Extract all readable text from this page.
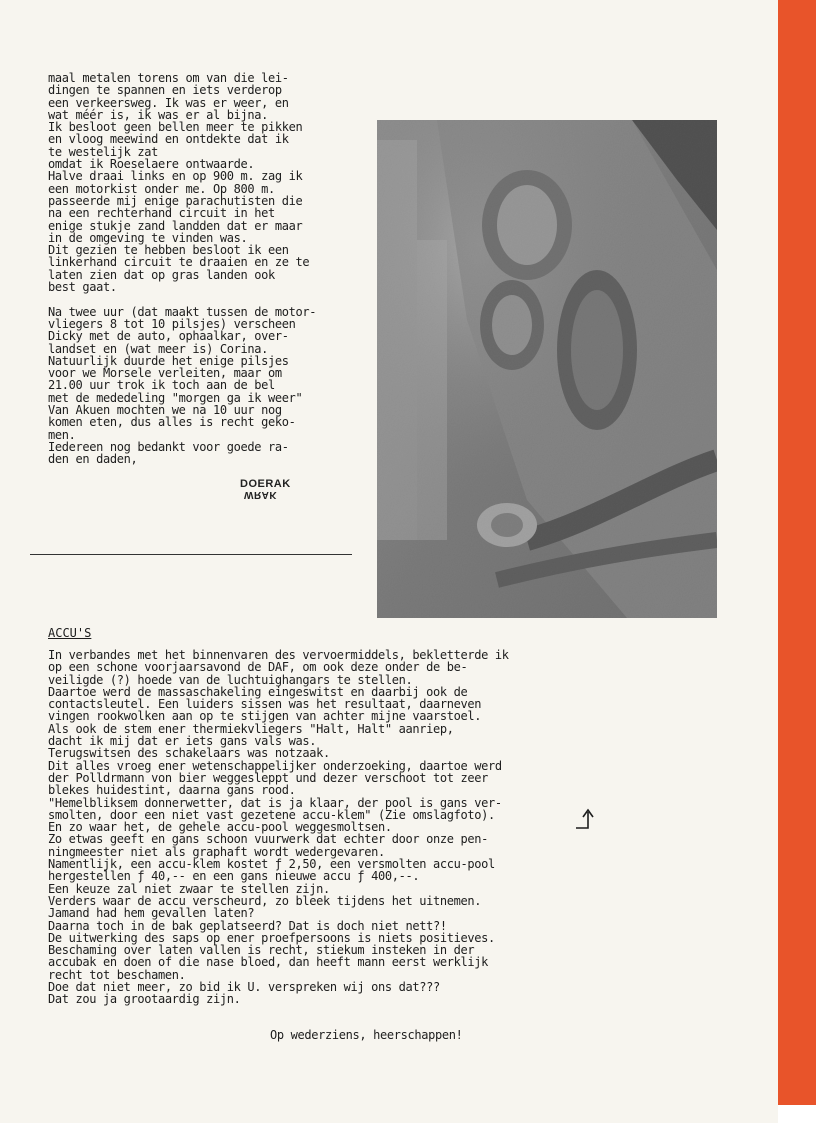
maal metalen torens om van die lei-
dingen te spannen en iets verderop
een verkeersweg. Ik was er weer, en
wat méér is, ik was er al bijna.
Ik besloot geen bellen meer te pikken
en vloog meewind en ontdekte dat ik
te westelijk zat
omdat ik Roeselaere ontwaarde.
Halve draai links en op 900 m. zag ik
een motorkist onder me. Op 800 m.
passeerde mij enige parachutisten die
na een rechterhand circuit in het
enige stukje zand landden dat er maar
in de omgeving te vinden was.
Dit gezien te hebben besloot ik een
linkerhand circuit te draaien en ze te
laten zien dat op gras landen ook
best gaat.

Na twee uur (dat maakt tussen de motor-
vliegers 8 tot 10 pilsjes) verscheen
Dicky met de auto, ophaalkar, over-
landset en (wat meer is) Corina.
Natuurlijk duurde het enige pilsjes
voor we Morsele verleiten, maar om
21.00 uur trok ik toch aan de bel
met de mededeling "morgen ga ik weer"
Van Akuen mochten we na 10 uur nog
komen eten, dus alles is recht gekо-
men.
Iedereen nog bedankt voor goede ra-
den en daden,
DOERAK
WRAK
ACCU'S
In verbandes met het binnenvaren des vervoermiddels, bekletterde ik
op een schone voorjaarsavond de DAF, om ook deze onder de be-
veiligde (?) hoede van de luchtuighangars te stellen.
Daartoe werd de massaschakeling eingeswitst en daarbij ook de
contactsleutel. Een luiders sissen was het resultaat, daarneven
vingen rookwolken aan op te stijgen van achter mijne vaarstoel.
Als ook de stem ener thermiekvliegers "Halt, Halt" aanriep,
dacht ik mij dat er iets gans vals was.
Terugswitsen des schakelaars was notzaak.
Dit alles vroeg ener wetenschappelijker onderzoeking, daartoe werd
der Polldrmann von bier weggesleppt und dezer verschoot tot zeer
blekes huidestint, daarna gans rood.
"Hemelbliksem donnerwetter, dat is ja klaar, der pool is gans ver-
smolten, door een niet vast gezetene accu-klem" (Zie omslagfoto).
En zo waar het, de gehele accu-pool weggesmoltsen.
Zo etwas geeft en gans schoon vuurwerk dat echter door onze pen-
ningmeester niet als graphaft wordt wedergevaren.
Namentlijk, een accu-klem kostet ƒ 2,50, een versmolten accu-pool
hergestellen ƒ 40,-- en een gans nieuwe accu ƒ 400,--.
Een keuze zal niet zwaar te stellen zijn.
Verders waar de accu verscheurd, zo bleek tijdens het uitnemen.
Jamand had hem gevallen laten?
Daarna toch in de bak geplatseerd? Dat is doch niet nett?!
De uitwerking des saps op ener proefpersoons is niets positieves.
Beschaming over laten vallen is recht, stiekum insteken in der
accubak en doen of die nase bloed, dan heeft mann eerst werklijk
recht tot beschamen.
Doe dat niet meer, zo bid ik U. verspreken wij ons dat???
Dat zou ja grootaardig zijn.
Op wederziens, heerschappen!
